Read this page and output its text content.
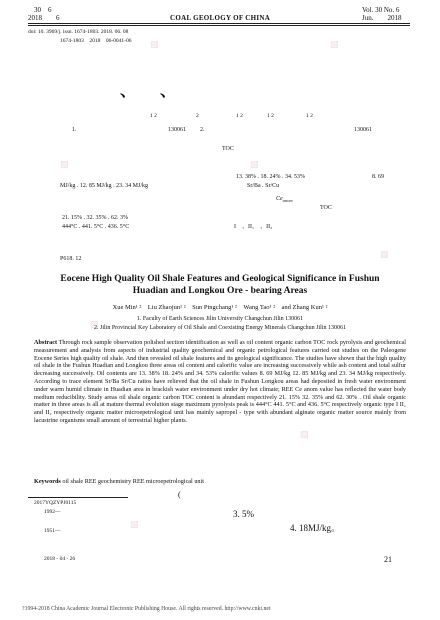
▧	▧
▧	▧
▧
▧
▧
▧
30　6
2018　　6	COAL GEOLOGY OF CHINA
Vol. 30 No. 6
Jun.　　2018
doi: 10. 3969/j. issn. 1674-1803. 2018. 06. 08
1674-1803　2018　06-0041-06
、　　、
1 2	2	1 2	1 2	1 2
1.	130061 2.	130061
TOC
13. 38% . 18. 24% . 34. 53%	8. 69
MJ/kg . 12. 85 MJ/kg . 23. 34 MJ/kg	Sr/Ba . Sr/Cu
$Ce_{anom}$
TOC
21. 15% . 32. 35% . 62. 3%
444°C . 441. 5°C . 436. 5°C	I　、II₁　、II₂
P618. 12
Eocene High Quality Oil Shale Features and Geological Significance in Fushun
Huadian and Longkou Ore - bearing Areas
Xue Min¹ ²　Liu Zhaojun¹ ²　Sun Pingchang¹ ²　Wang Tao¹ ²　and Zhang Kun¹ ²
1. Faculty of Earth Sciences Jilin University Changchun Jilin 130061
2. Jilin Provincial Key Laboratory of Oil Shale and Coexisting Energy Minerals Changchun Jilin 130061
Abstract Through rock sample observation polished section identification as well as oil content organic carbon TOC rock pyrolysis and geochemical measurement and analysis from aspects of industrial quality geochemical and organic petrological features carried out studies on the Paleogene Eocene Series high quality oil shale. And then revealed oil shale features and its geological significance. The studies have shown that the high quality oil shale in the Fushun Huadian and Longkou three areas oil content and calorific value are increasing successively while ash content and total sulfur decreasing successively. Oil contents are 13. 38% 18. 24% and 34. 53% calorific values 8. 69 MJ/kg 12. 85 MJ/kg and 23. 34 MJ/kg respectively. According to trace element Sr/Ba Sr/Cu ratios have relieved that the oil shale in Fushun Longkou areas had deposited in fresh water environment under warm humid climate in Huadian area in brackish water environment under dry hot climate; REE Ce anom value has reflected the water body medium reducibility. Study areas oil shale organic carbon TOC content is abundant respectively 21. 15% 32. 35% and 62. 30% . Oil shale organic matter in three areas is all at mature thermal evolution stage maximum pyrolysis peak is 444°C 441. 5°C and 436. 5°C respectively organic type I II₁ and II₂ respectively organic matter microepetrological unit has mainly sapropel - type with abundant alginate organic matter source mainly from lacustrine organisms small amount of terrestrial higher plants.
Keywords oil shale REE geochemistry REE microepetrological unit
(
2017YQZYPJ0115
1992—	3. 5%
4. 18MJ/kg。
1951—
2018 - 04 - 26	21
?1994-2018 China Academic Journal Electronic Publishing House. All rights reserved. http://www.cnki.net
